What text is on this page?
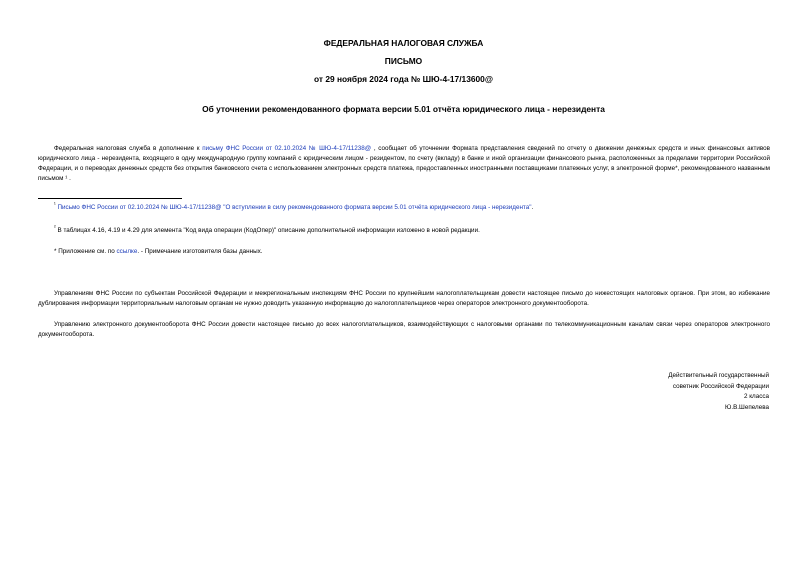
ФЕДЕРАЛЬНАЯ НАЛОГОВАЯ СЛУЖБА
ПИСЬМО
от 29 ноября 2024 года № ШЮ-4-17/13600@
Об уточнении рекомендованного формата версии 5.01 отчёта юридического лица - нерезидента
Федеральная налоговая служба в дополнение к письму ФНС России от 02.10.2024 № ШЮ-4-17/11238@ , сообщает об уточнении Формата представления сведений по отчету о движении денежных средств и иных финансовых активов юридического лица - нерезидента, входящего в одну международную группу компаний с юридическим лицом - резидентом, по счету (вкладу) в банке и иной организации финансового рынка, расположенных за пределами территории Российской Федерации, и о переводах денежных средств без открытия банковского счета с использованием электронных средств платежа, предоставленных иностранными поставщиками платежных услуг, в электронной форме*, рекомендованного названным письмом ¹ .
$^{^1}$ Письмо ФНС России от 02.10.2024 № ШЮ-4-17/11238@ "О вступлении в силу рекомендованного формата версии 5.01 отчёта юридического лица - нерезидента".
$^{^2}$ В таблицах 4.16, 4.19 и 4.29 для элемента "Код вида операции (КодОпер)" описание дополнительной информации изложено в новой редакции.
* Приложение см. по ссылке. - Примечание изготовителя базы данных.
Управлениям ФНС России по субъектам Российской Федерации и межрегиональным инспекциям ФНС России по крупнейшим налогоплательщикам довести настоящее письмо до нижестоящих налоговых органов. При этом, во избежание дублирования информации территориальным налоговым органам не нужно доводить указанную информацию до налогоплательщиков через операторов электронного документооборота.
Управлению электронного документооборота ФНС России довести настоящее письмо до всех налогоплательщиков, взаимодействующих с налоговыми органами по телекоммуникационным каналам связи через операторов электронного документооборота.
Действительный государственный
советник Российской Федерации
2 класса
Ю.В.Шепелева
